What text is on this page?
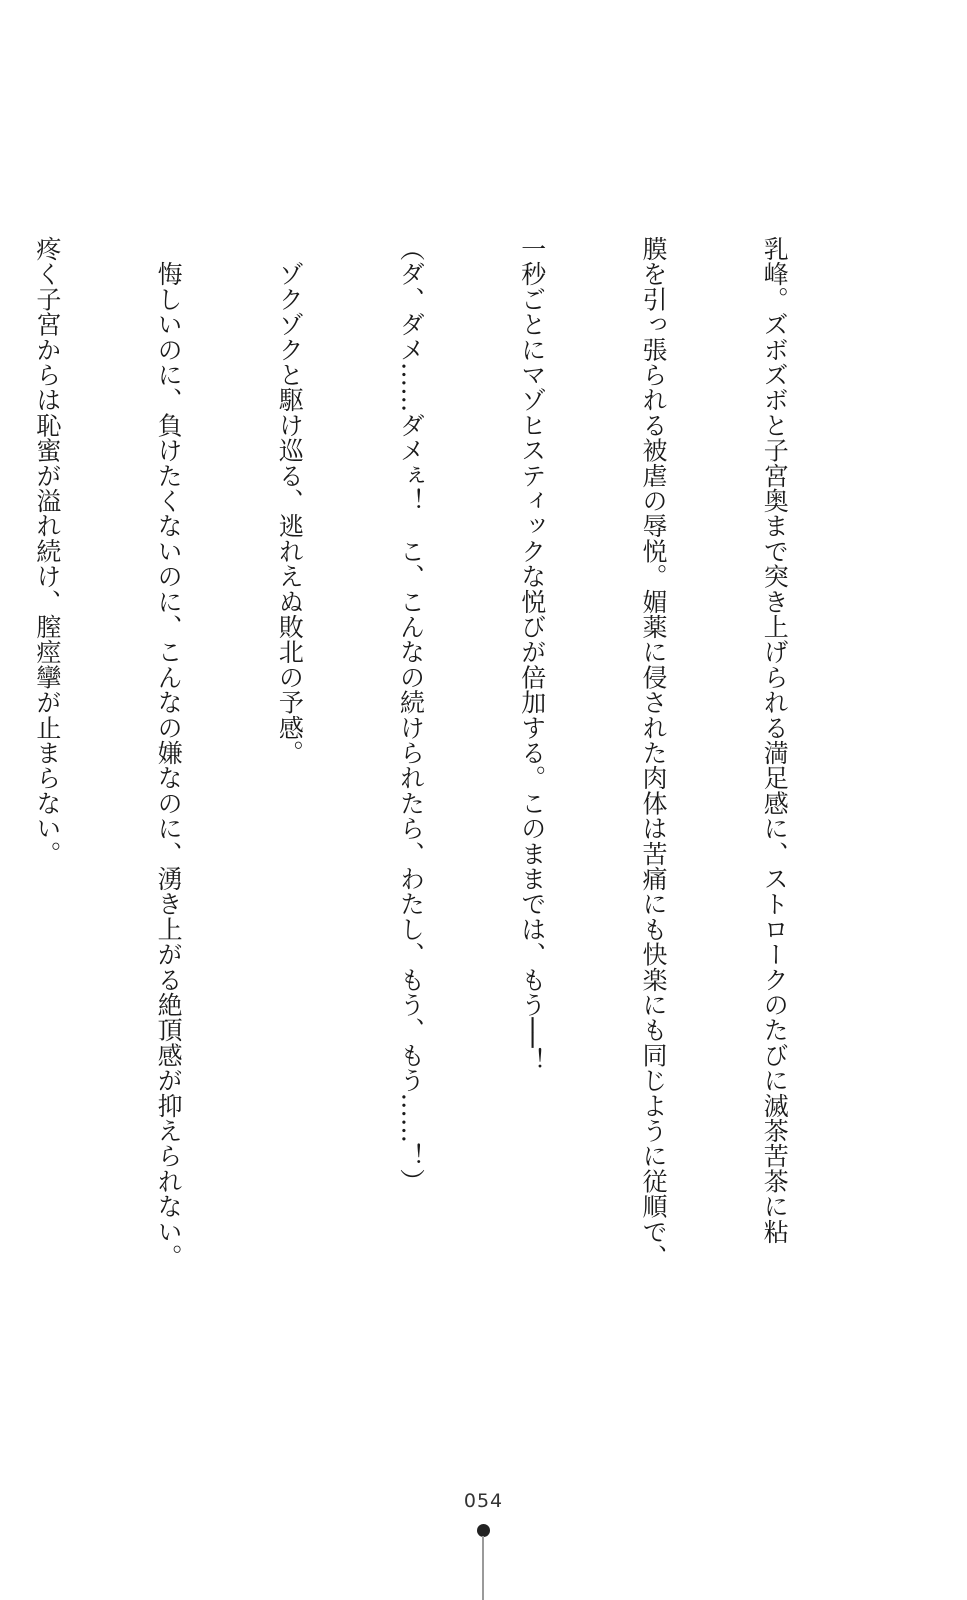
乳峰。ズボズボと子宮奥まで突き上げられる満足感に、ストロークのたびに滅茶苦茶に粘

膜を引っ張られる被虐の辱悦。媚薬に侵された肉体は苦痛にも快楽にも同じように従順で、

一秒ごとにマゾヒスティックな悦びが倍加する。このままでは、もう──！

（ダ、ダメ……ダメぇ！　こ、こんなの続けられたら、わたし、もう、もう……！）

　ゾクゾクと駆け巡る、逃れえぬ敗北の予感。

　悔しいのに、負けたくないのに、こんなの嫌なのに、湧き上がる絶頂感が抑えられない。

疼く子宮からは恥蜜が溢れ続け、膣痙攣が止まらない。

054
